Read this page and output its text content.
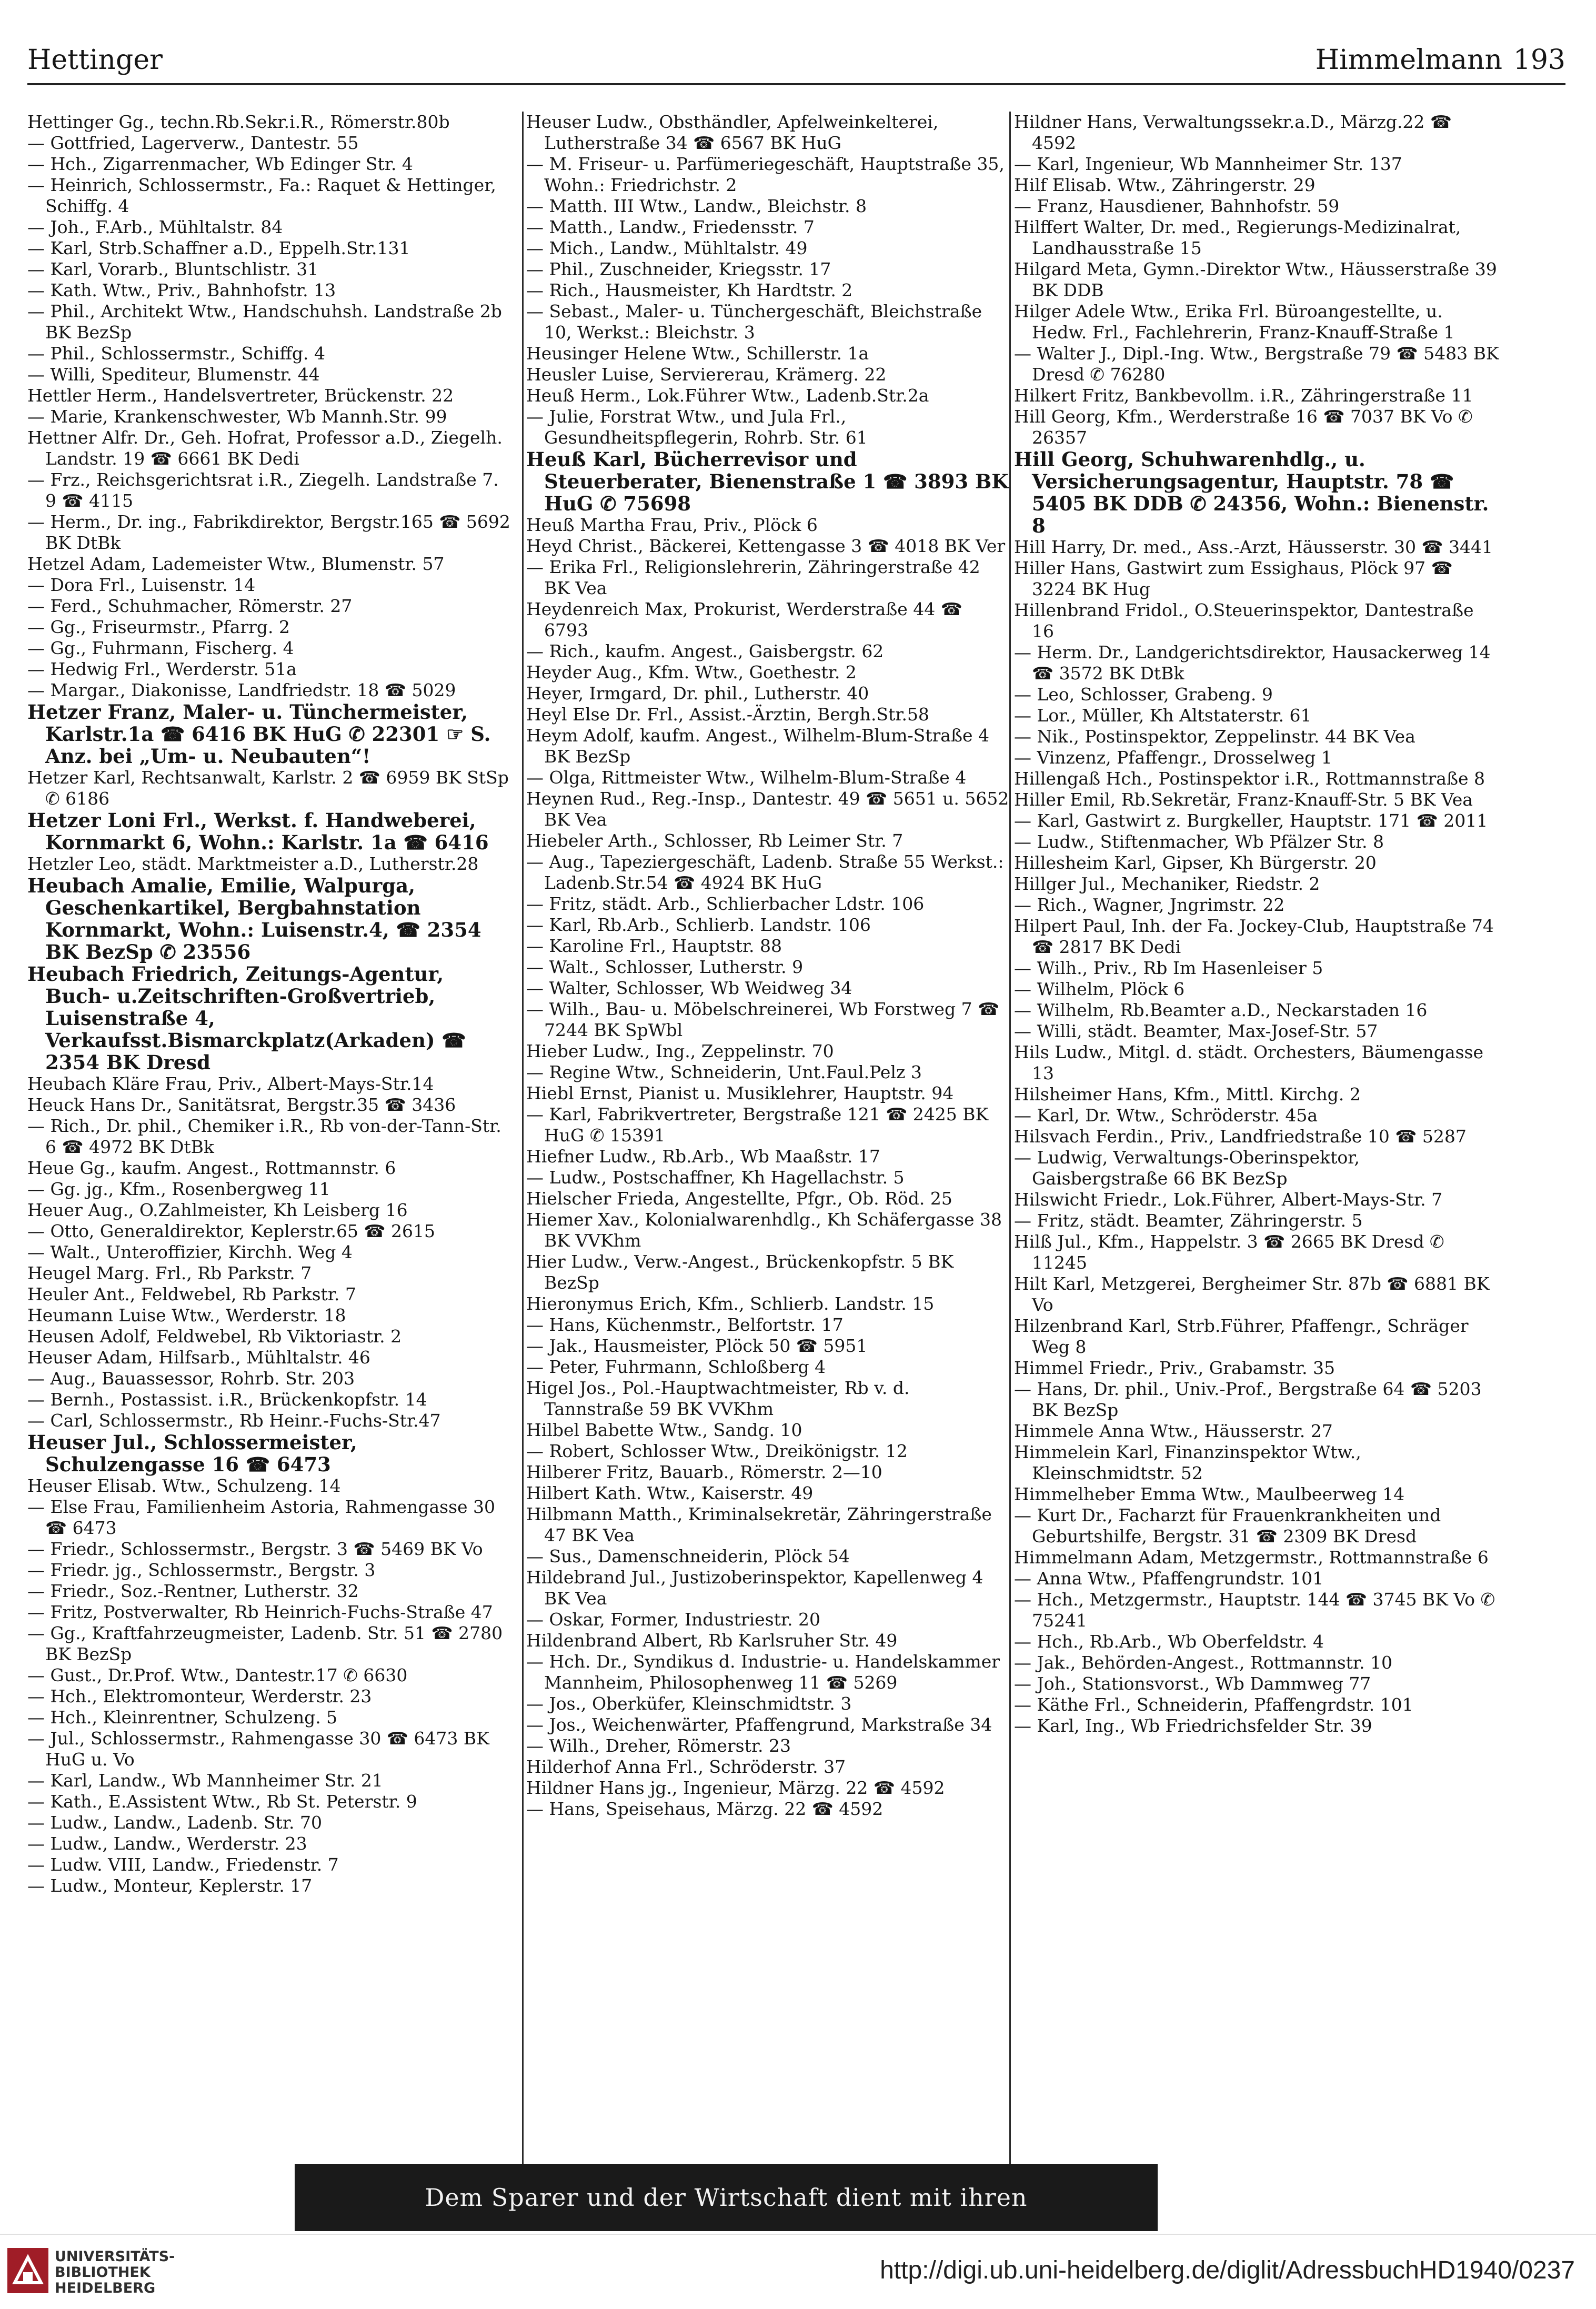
Hettinger	Himmelmann 193
Hettinger Gg., techn.Rb.Sekr.i.R., Römerstr.80b
— Gottfried, Lagerverw., Dantestr. 55
— Hch., Zigarrenmacher, Wb Edinger Str. 4
— Heinrich, Schlossermstr., Fa.: Raquet & Hettinger, Schiffg. 4
— Joh., F.Arb., Mühltalstr. 84
— Karl, Strb.Schaffner a.D., Eppelh.Str.131
— Karl, Vorarb., Bluntschlistr. 31
— Kath. Wtw., Priv., Bahnhofstr. 13
— Phil., Architekt Wtw., Handschuhsh. Landstraße 2b BK BezSp
— Phil., Schlossermstr., Schiffg. 4
— Willi, Spediteur, Blumenstr. 44
Hettler Herm., Handelsvertreter, Brückenstr. 22
— Marie, Krankenschwester, Wb Mannh.Str. 99
Hettner Alfr. Dr., Geh. Hofrat, Professor a.D., Ziegelh. Landstr. 19 ☎ 6661 BK Dedi
— Frz., Reichsgerichtsrat i.R., Ziegelh. Landstraße 7. 9 ☎ 4115
— Herm., Dr. ing., Fabrikdirektor, Bergstr.165 ☎ 5692 BK DtBk
Hetzel Adam, Lademeister Wtw., Blumenstr. 57
— Dora Frl., Luisenstr. 14
— Ferd., Schuhmacher, Römerstr. 27
— Gg., Friseurmstr., Pfarrg. 2
— Gg., Fuhrmann, Fischerg. 4
— Hedwig Frl., Werderstr. 51a
— Margar., Diakonisse, Landfriedstr. 18 ☎ 5029
Hetzer Franz, Maler- u. Tünchermeister, Karlstr.1a ☎ 6416 BK HuG ✆ 22301 ☞ S. Anz. bei „Um- u. Neubauten“!
Hetzer Karl, Rechtsanwalt, Karlstr. 2 ☎ 6959 BK StSp ✆ 6186
Hetzer Loni Frl., Werkst. f. Handweberei, Kornmarkt 6, Wohn.: Karlstr. 1a ☎ 6416
Hetzler Leo, städt. Marktmeister a.D., Lutherstr.28
Heubach Amalie, Emilie, Walpurga, Geschenkartikel, Bergbahnstation Kornmarkt, Wohn.: Luisenstr.4, ☎ 2354 BK BezSp ✆ 23556
Heubach Friedrich, Zeitungs-Agentur, Buch- u.Zeitschriften-Großvertrieb, Luisenstraße 4, Verkaufsst.Bismarckplatz(Arkaden) ☎ 2354 BK Dresd
Heubach Kläre Frau, Priv., Albert-Mays-Str.14
Heuck Hans Dr., Sanitätsrat, Bergstr.35 ☎ 3436
— Rich., Dr. phil., Chemiker i.R., Rb von-der-Tann-Str. 6 ☎ 4972 BK DtBk
Heue Gg., kaufm. Angest., Rottmannstr. 6
— Gg. jg., Kfm., Rosenbergweg 11
Heuer Aug., O.Zahlmeister, Kh Leisberg 16
— Otto, Generaldirektor, Keplerstr.65 ☎ 2615
— Walt., Unteroffizier, Kirchh. Weg 4
Heugel Marg. Frl., Rb Parkstr. 7
Heuler Ant., Feldwebel, Rb Parkstr. 7
Heumann Luise Wtw., Werderstr. 18
Heusen Adolf, Feldwebel, Rb Viktoriastr. 2
Heuser Adam, Hilfsarb., Mühltalstr. 46
— Aug., Bauassessor, Rohrb. Str. 203
— Bernh., Postassist. i.R., Brückenkopfstr. 14
— Carl, Schlossermstr., Rb Heinr.-Fuchs-Str.47
Heuser Jul., Schlossermeister, Schulzengasse 16 ☎ 6473
Heuser Elisab. Wtw., Schulzeng. 14
— Else Frau, Familienheim Astoria, Rahmengasse 30 ☎ 6473
— Friedr., Schlossermstr., Bergstr. 3 ☎ 5469 BK Vo
— Friedr. jg., Schlossermstr., Bergstr. 3
— Friedr., Soz.-Rentner, Lutherstr. 32
— Fritz, Postverwalter, Rb Heinrich-Fuchs-Straße 47
— Gg., Kraftfahrzeugmeister, Ladenb. Str. 51 ☎ 2780 BK BezSp
— Gust., Dr.Prof. Wtw., Dantestr.17 ✆ 6630
— Hch., Elektromonteur, Werderstr. 23
— Hch., Kleinrentner, Schulzeng. 5
— Jul., Schlossermstr., Rahmengasse 30 ☎ 6473 BK HuG u. Vo
— Karl, Landw., Wb Mannheimer Str. 21
— Kath., E.Assistent Wtw., Rb St. Peterstr. 9
— Ludw., Landw., Ladenb. Str. 70
— Ludw., Landw., Werderstr. 23
— Ludw. VIII, Landw., Friedenstr. 7
— Ludw., Monteur, Keplerstr. 17
Heuser Ludw., Obsthändler, Apfelweinkelterei, Lutherstraße 34 ☎ 6567 BK HuG
— M. Friseur- u. Parfümeriegeschäft, Hauptstraße 35, Wohn.: Friedrichstr. 2
— Matth. III Wtw., Landw., Bleichstr. 8
— Matth., Landw., Friedensstr. 7
— Mich., Landw., Mühltalstr. 49
— Phil., Zuschneider, Kriegsstr. 17
— Rich., Hausmeister, Kh Hardtstr. 2
— Sebast., Maler- u. Tünchergeschäft, Bleichstraße 10, Werkst.: Bleichstr. 3
Heusinger Helene Wtw., Schillerstr. 1a
Heusler Luise, Serviererau, Krämerg. 22
Heuß Herm., Lok.Führer Wtw., Ladenb.Str.2a
— Julie, Forstrat Wtw., und Jula Frl., Gesundheitspflegerin, Rohrb. Str. 61
Heuß Karl, Bücherrevisor und Steuerberater, Bienenstraße 1 ☎ 3893 BK HuG ✆ 75698
Heuß Martha Frau, Priv., Plöck 6
Heyd Christ., Bäckerei, Kettengasse 3 ☎ 4018 BK Ver
— Erika Frl., Religionslehrerin, Zähringerstraße 42 BK Vea
Heydenreich Max, Prokurist, Werderstraße 44 ☎ 6793
— Rich., kaufm. Angest., Gaisbergstr. 62
Heyder Aug., Kfm. Wtw., Goethestr. 2
Heyer, Irmgard, Dr. phil., Lutherstr. 40
Heyl Else Dr. Frl., Assist.-Ärztin, Bergh.Str.58
Heym Adolf, kaufm. Angest., Wilhelm-Blum-Straße 4 BK BezSp
— Olga, Rittmeister Wtw., Wilhelm-Blum-Straße 4
Heynen Rud., Reg.-Insp., Dantestr. 49 ☎ 5651 u. 5652 BK Vea
Hiebeler Arth., Schlosser, Rb Leimer Str. 7
— Aug., Tapeziergeschäft, Ladenb. Straße 55 Werkst.: Ladenb.Str.54 ☎ 4924 BK HuG
— Fritz, städt. Arb., Schlierbacher Ldstr. 106
— Karl, Rb.Arb., Schlierb. Landstr. 106
— Karoline Frl., Hauptstr. 88
— Walt., Schlosser, Lutherstr. 9
— Walter, Schlosser, Wb Weidweg 34
— Wilh., Bau- u. Möbelschreinerei, Wb Forstweg 7 ☎ 7244 BK SpWbl
Hieber Ludw., Ing., Zeppelinstr. 70
— Regine Wtw., Schneiderin, Unt.Faul.Pelz 3
Hiebl Ernst, Pianist u. Musiklehrer, Hauptstr. 94
— Karl, Fabrikvertreter, Bergstraße 121 ☎ 2425 BK HuG ✆ 15391
Hiefner Ludw., Rb.Arb., Wb Maaßstr. 17
— Ludw., Postschaffner, Kh Hagellachstr. 5
Hielscher Frieda, Angestellte, Pfgr., Ob. Röd. 25
Hiemer Xav., Kolonialwarenhdlg., Kh Schäfergasse 38 BK VVKhm
Hier Ludw., Verw.-Angest., Brückenkopfstr. 5 BK BezSp
Hieronymus Erich, Kfm., Schlierb. Landstr. 15
— Hans, Küchenmstr., Belfortstr. 17
— Jak., Hausmeister, Plöck 50 ☎ 5951
— Peter, Fuhrmann, Schloßberg 4
Higel Jos., Pol.-Hauptwachtmeister, Rb v. d. Tannstraße 59 BK VVKhm
Hilbel Babette Wtw., Sandg. 10
— Robert, Schlosser Wtw., Dreikönigstr. 12
Hilberer Fritz, Bauarb., Römerstr. 2—10
Hilbert Kath. Wtw., Kaiserstr. 49
Hilbmann Matth., Kriminalsekretär, Zähringerstraße 47 BK Vea
— Sus., Damenschneiderin, Plöck 54
Hildebrand Jul., Justizoberinspektor, Kapellenweg 4 BK Vea
— Oskar, Former, Industriestr. 20
Hildenbrand Albert, Rb Karlsruher Str. 49
— Hch. Dr., Syndikus d. Industrie- u. Handelskammer Mannheim, Philosophenweg 11 ☎ 5269
— Jos., Oberküfer, Kleinschmidtstr. 3
— Jos., Weichenwärter, Pfaffengrund, Markstraße 34
— Wilh., Dreher, Römerstr. 23
Hilderhof Anna Frl., Schröderstr. 37
Hildner Hans jg., Ingenieur, Märzg. 22 ☎ 4592
— Hans, Speisehaus, Märzg. 22 ☎ 4592
Hildner Hans, Verwaltungssekr.a.D., Märzg.22 ☎ 4592
— Karl, Ingenieur, Wb Mannheimer Str. 137
Hilf Elisab. Wtw., Zähringerstr. 29
— Franz, Hausdiener, Bahnhofstr. 59
Hilffert Walter, Dr. med., Regierungs-Medizinalrat, Landhausstraße 15
Hilgard Meta, Gymn.-Direktor Wtw., Häusserstraße 39 BK DDB
Hilger Adele Wtw., Erika Frl. Büroangestellte, u. Hedw. Frl., Fachlehrerin, Franz-Knauff-Straße 1
— Walter J., Dipl.-Ing. Wtw., Bergstraße 79 ☎ 5483 BK Dresd ✆ 76280
Hilkert Fritz, Bankbevollm. i.R., Zähringerstraße 11
Hill Georg, Kfm., Werderstraße 16 ☎ 7037 BK Vo ✆ 26357
Hill Georg, Schuhwarenhdlg., u. Versicherungsagentur, Hauptstr. 78 ☎ 5405 BK DDB ✆ 24356, Wohn.: Bienenstr. 8
Hill Harry, Dr. med., Ass.-Arzt, Häusserstr. 30 ☎ 3441
Hiller Hans, Gastwirt zum Essighaus, Plöck 97 ☎ 3224 BK Hug
Hillenbrand Fridol., O.Steuerinspektor, Dantestraße 16
— Herm. Dr., Landgerichtsdirektor, Hausackerweg 14 ☎ 3572 BK DtBk
— Leo, Schlosser, Grabeng. 9
— Lor., Müller, Kh Altstaterstr. 61
— Nik., Postinspektor, Zeppelinstr. 44 BK Vea
— Vinzenz, Pfaffengr., Drosselweg 1
Hillengaß Hch., Postinspektor i.R., Rottmannstraße 8
Hiller Emil, Rb.Sekretär, Franz-Knauff-Str. 5 BK Vea
— Karl, Gastwirt z. Burgkeller, Hauptstr. 171 ☎ 2011
— Ludw., Stiftenmacher, Wb Pfälzer Str. 8
Hillesheim Karl, Gipser, Kh Bürgerstr. 20
Hillger Jul., Mechaniker, Riedstr. 2
— Rich., Wagner, Jngrimstr. 22
Hilpert Paul, Inh. der Fa. Jockey-Club, Hauptstraße 74 ☎ 2817 BK Dedi
— Wilh., Priv., Rb Im Hasenleiser 5
— Wilhelm, Plöck 6
— Wilhelm, Rb.Beamter a.D., Neckarstaden 16
— Willi, städt. Beamter, Max-Josef-Str. 57
Hils Ludw., Mitgl. d. städt. Orchesters, Bäumengasse 13
Hilsheimer Hans, Kfm., Mittl. Kirchg. 2
— Karl, Dr. Wtw., Schröderstr. 45a
Hilsvach Ferdin., Priv., Landfriedstraße 10 ☎ 5287
— Ludwig, Verwaltungs-Oberinspektor, Gaisbergstraße 66 BK BezSp
Hilswicht Friedr., Lok.Führer, Albert-Mays-Str. 7
— Fritz, städt. Beamter, Zähringerstr. 5
Hilß Jul., Kfm., Happelstr. 3 ☎ 2665 BK Dresd ✆ 11245
Hilt Karl, Metzgerei, Bergheimer Str. 87b ☎ 6881 BK Vo
Hilzenbrand Karl, Strb.Führer, Pfaffengr., Schräger Weg 8
Himmel Friedr., Priv., Grabamstr. 35
— Hans, Dr. phil., Univ.-Prof., Bergstraße 64 ☎ 5203 BK BezSp
Himmele Anna Wtw., Häusserstr. 27
Himmelein Karl, Finanzinspektor Wtw., Kleinschmidtstr. 52
Himmelheber Emma Wtw., Maulbeerweg 14
— Kurt Dr., Facharzt für Frauenkrankheiten und Geburtshilfe, Bergstr. 31 ☎ 2309 BK Dresd
Himmelmann Adam, Metzgermstr., Rottmannstraße 6
— Anna Wtw., Pfaffengrundstr. 101
— Hch., Metzgermstr., Hauptstr. 144 ☎ 3745 BK Vo ✆ 75241
— Hch., Rb.Arb., Wb Oberfeldstr. 4
— Jak., Behörden-Angest., Rottmannstr. 10
— Joh., Stationsvorst., Wb Dammweg 77
— Käthe Frl., Schneiderin, Pfaffengrdstr. 101
— Karl, Ing., Wb Friedrichsfelder Str. 39
Dem Sparer und der Wirtschaft dient mit ihren
UNIVERSITÄTS-
BIBLIOTHEK
HEIDELBERG
http://digi.ub.uni-heidelberg.de/diglit/AdressbuchHD1940/0237
